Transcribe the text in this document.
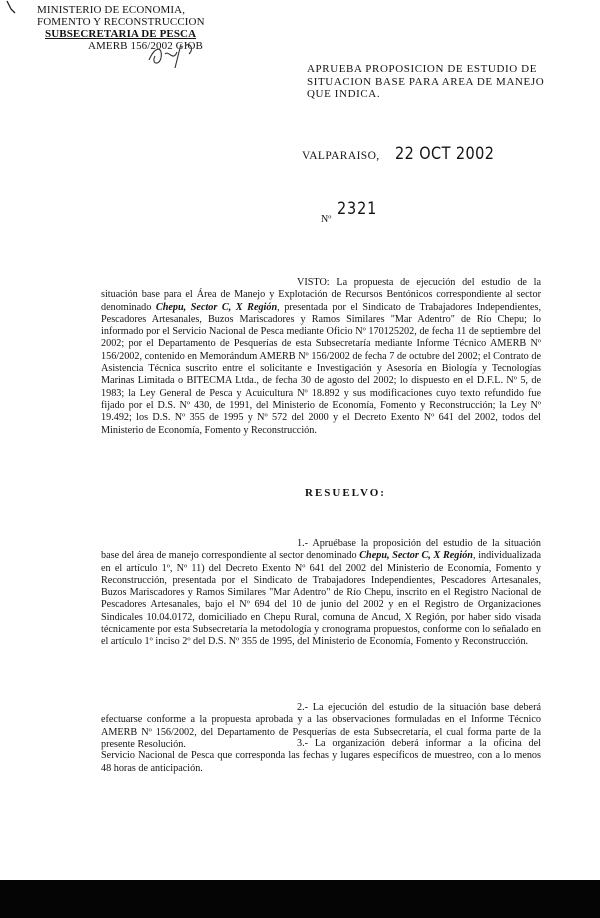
MINISTERIO DE ECONOMIA,
FOMENTO Y RECONSTRUCCION
SUBSECRETARIA DE PESCA
AMERB 156/2002 GIOB
APRUEBA PROPOSICION DE ESTUDIO DE SITUACION BASE PARA AREA DE MANEJO QUE INDICA.
VALPARAISO, 22 OCT 2002
Nº
2321

VISTO: La propuesta de ejecución del estudio de la situación base para el Área de Manejo y Explotación de Recursos Bentónicos correspondiente al sector denominado Chepu, Sector C, X Región, presentada por el Sindicato de Trabajadores Independientes, Pescadores Artesanales, Buzos Mariscadores y Ramos Similares "Mar Adentro" de Río Chepu; lo informado por el Servicio Nacional de Pesca mediante Oficio Nº 170125202, de fecha 11 de septiembre del 2002; por el Departamento de Pesquerías de esta Subsecretaría mediante Informe Técnico AMERB Nº 156/2002, contenido en Memorándum AMERB Nº 156/2002 de fecha 7 de octubre del 2002; el Contrato de Asistencia Técnica suscrito entre el solicitante e Investigación y Asesoría en Biología y Tecnologías Marinas Limitada o BITECMA Ltda., de fecha 30 de agosto del 2002; lo dispuesto en el D.F.L. Nº 5, de 1983; la Ley General de Pesca y Acuicultura Nº 18.892 y sus modificaciones cuyo texto refundido fue fijado por el D.S. Nº 430, de 1991, del Ministerio de Economía, Fomento y Reconstrucción; la Ley Nº 19.492; los D.S. Nº 355 de 1995 y Nº 572 del 2000 y el Decreto Exento Nº 641 del 2002, todos del Ministerio de Economía, Fomento y Reconstrucción.

RESUELVO:

1.- Apruébase la proposición del estudio de la situación base del área de manejo correspondiente al sector denominado Chepu, Sector C, X Región, individualizada en el artículo 1º, Nº 11) del Decreto Exento Nº 641 del 2002 del Ministerio de Economía, Fomento y Reconstrucción, presentada por el Sindicato de Trabajadores Independientes, Pescadores Artesanales, Buzos Mariscadores y Ramos Similares "Mar Adentro" de Río Chepu, inscrito en el Registro Nacional de Pescadores Artesanales, bajo el Nº 694 del 10 de junio del 2002 y en el Registro de Organizaciones Sindicales 10.04.0172, domiciliado en Chepu Rural, comuna de Ancud, X Región, por haber sido visada técnicamente por esta Subsecretaría la metodología y cronograma propuestos, conforme con lo señalado en el artículo 1º inciso 2º del D.S. Nº 355 de 1995, del Ministerio de Economía, Fomento y Reconstrucción.

2.- La ejecución del estudio de la situación base deberá efectuarse conforme a la propuesta aprobada y a las observaciones formuladas en el Informe Técnico AMERB Nº 156/2002, del Departamento de Pesquerías de esta Subsecretaría, el cual forma parte de la presente Resolución.	3.- La organización deberá informar a la oficina del Servicio Nacional de Pesca que corresponda las fechas y lugares específicos de muestreo, con a lo menos 48 horas de anticipación.
